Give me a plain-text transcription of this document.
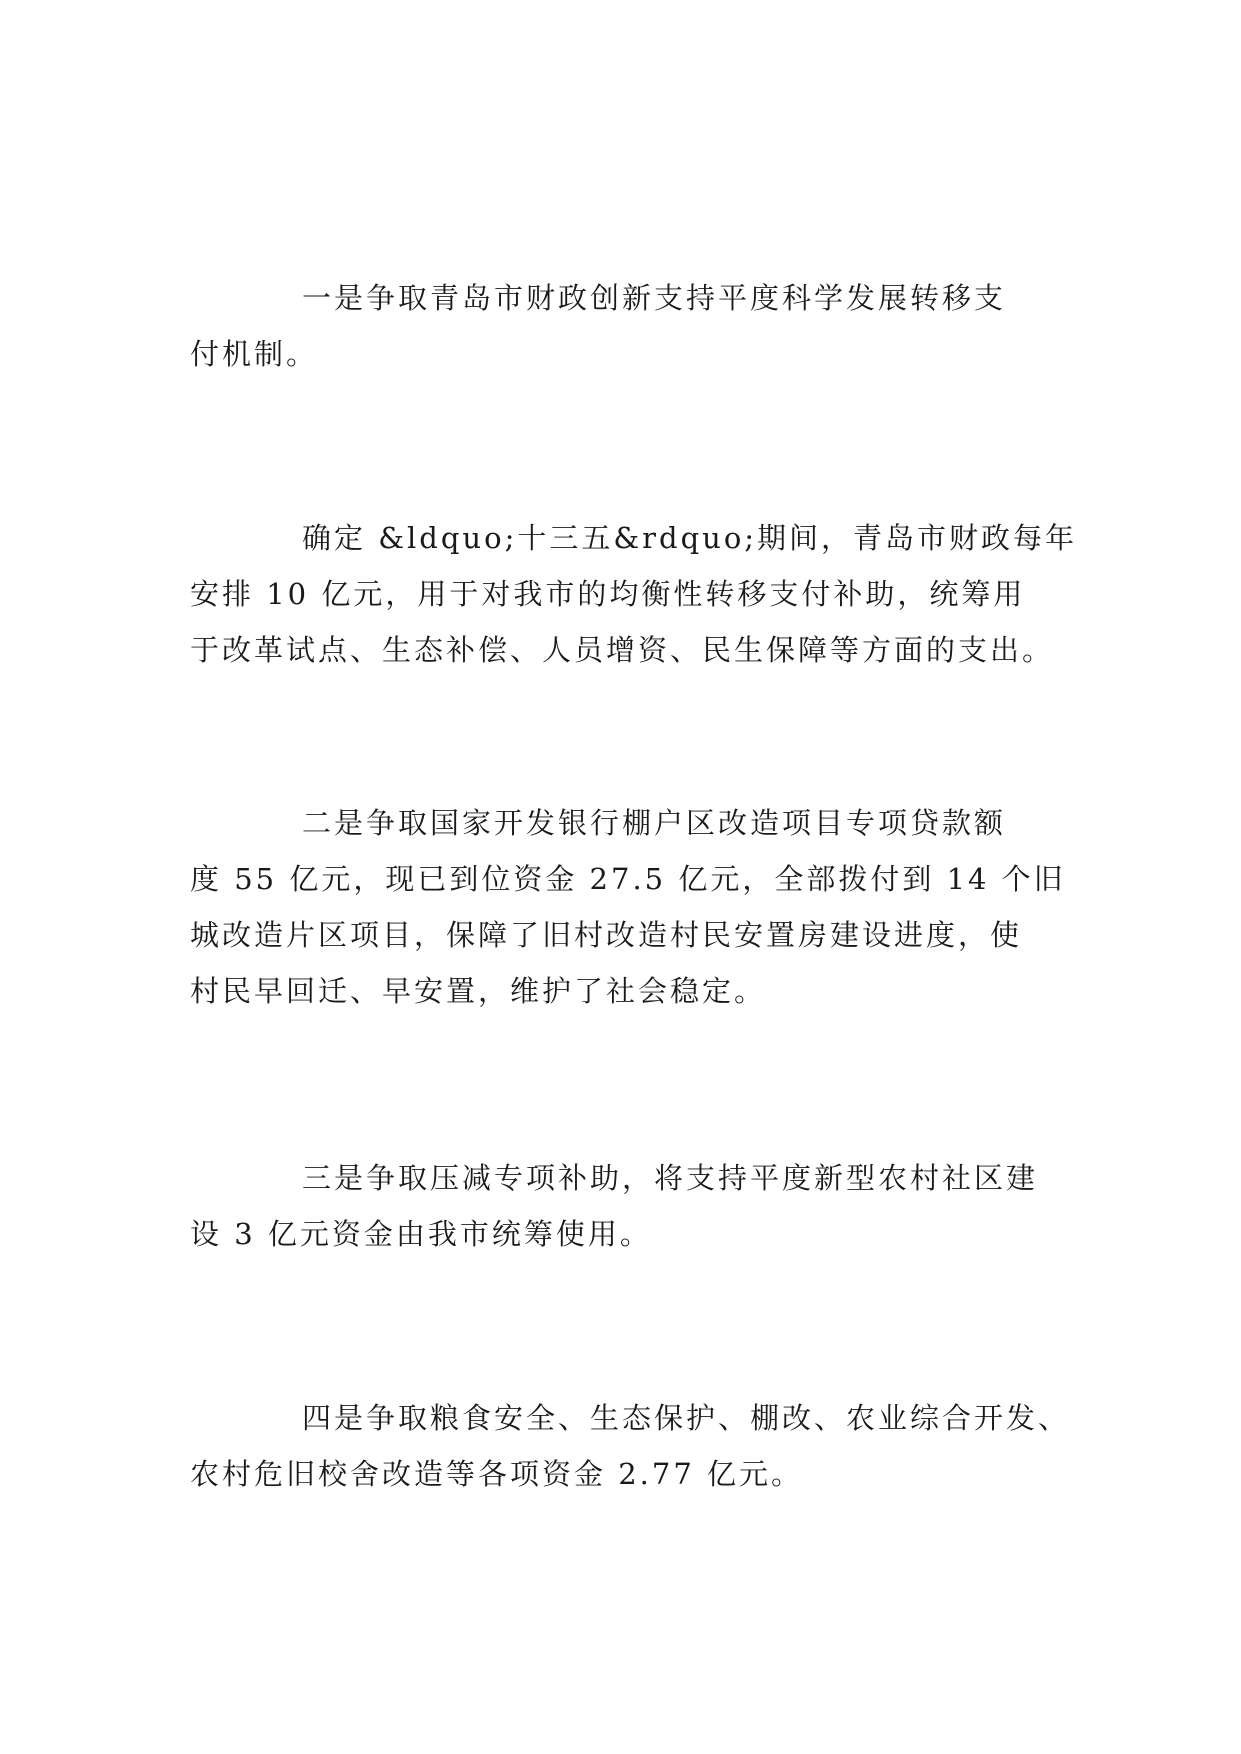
一是争取青岛市财政创新支持平度科学发展转移支
付机制。

确定 &ldquo;十三五&rdquo;期间，青岛市财政每年
安排 10 亿元，用于对我市的均衡性转移支付补助，统筹用
于改革试点、生态补偿、人员增资、民生保障等方面的支出。

二是争取国家开发银行棚户区改造项目专项贷款额
度 55 亿元，现已到位资金 27.5 亿元，全部拨付到 14 个旧
城改造片区项目，保障了旧村改造村民安置房建设进度，使
村民早回迁、早安置，维护了社会稳定。

三是争取压减专项补助，将支持平度新型农村社区建
设 3 亿元资金由我市统筹使用。

四是争取粮食安全、生态保护、棚改、农业综合开发、
农村危旧校舍改造等各项资金 2.77 亿元。
